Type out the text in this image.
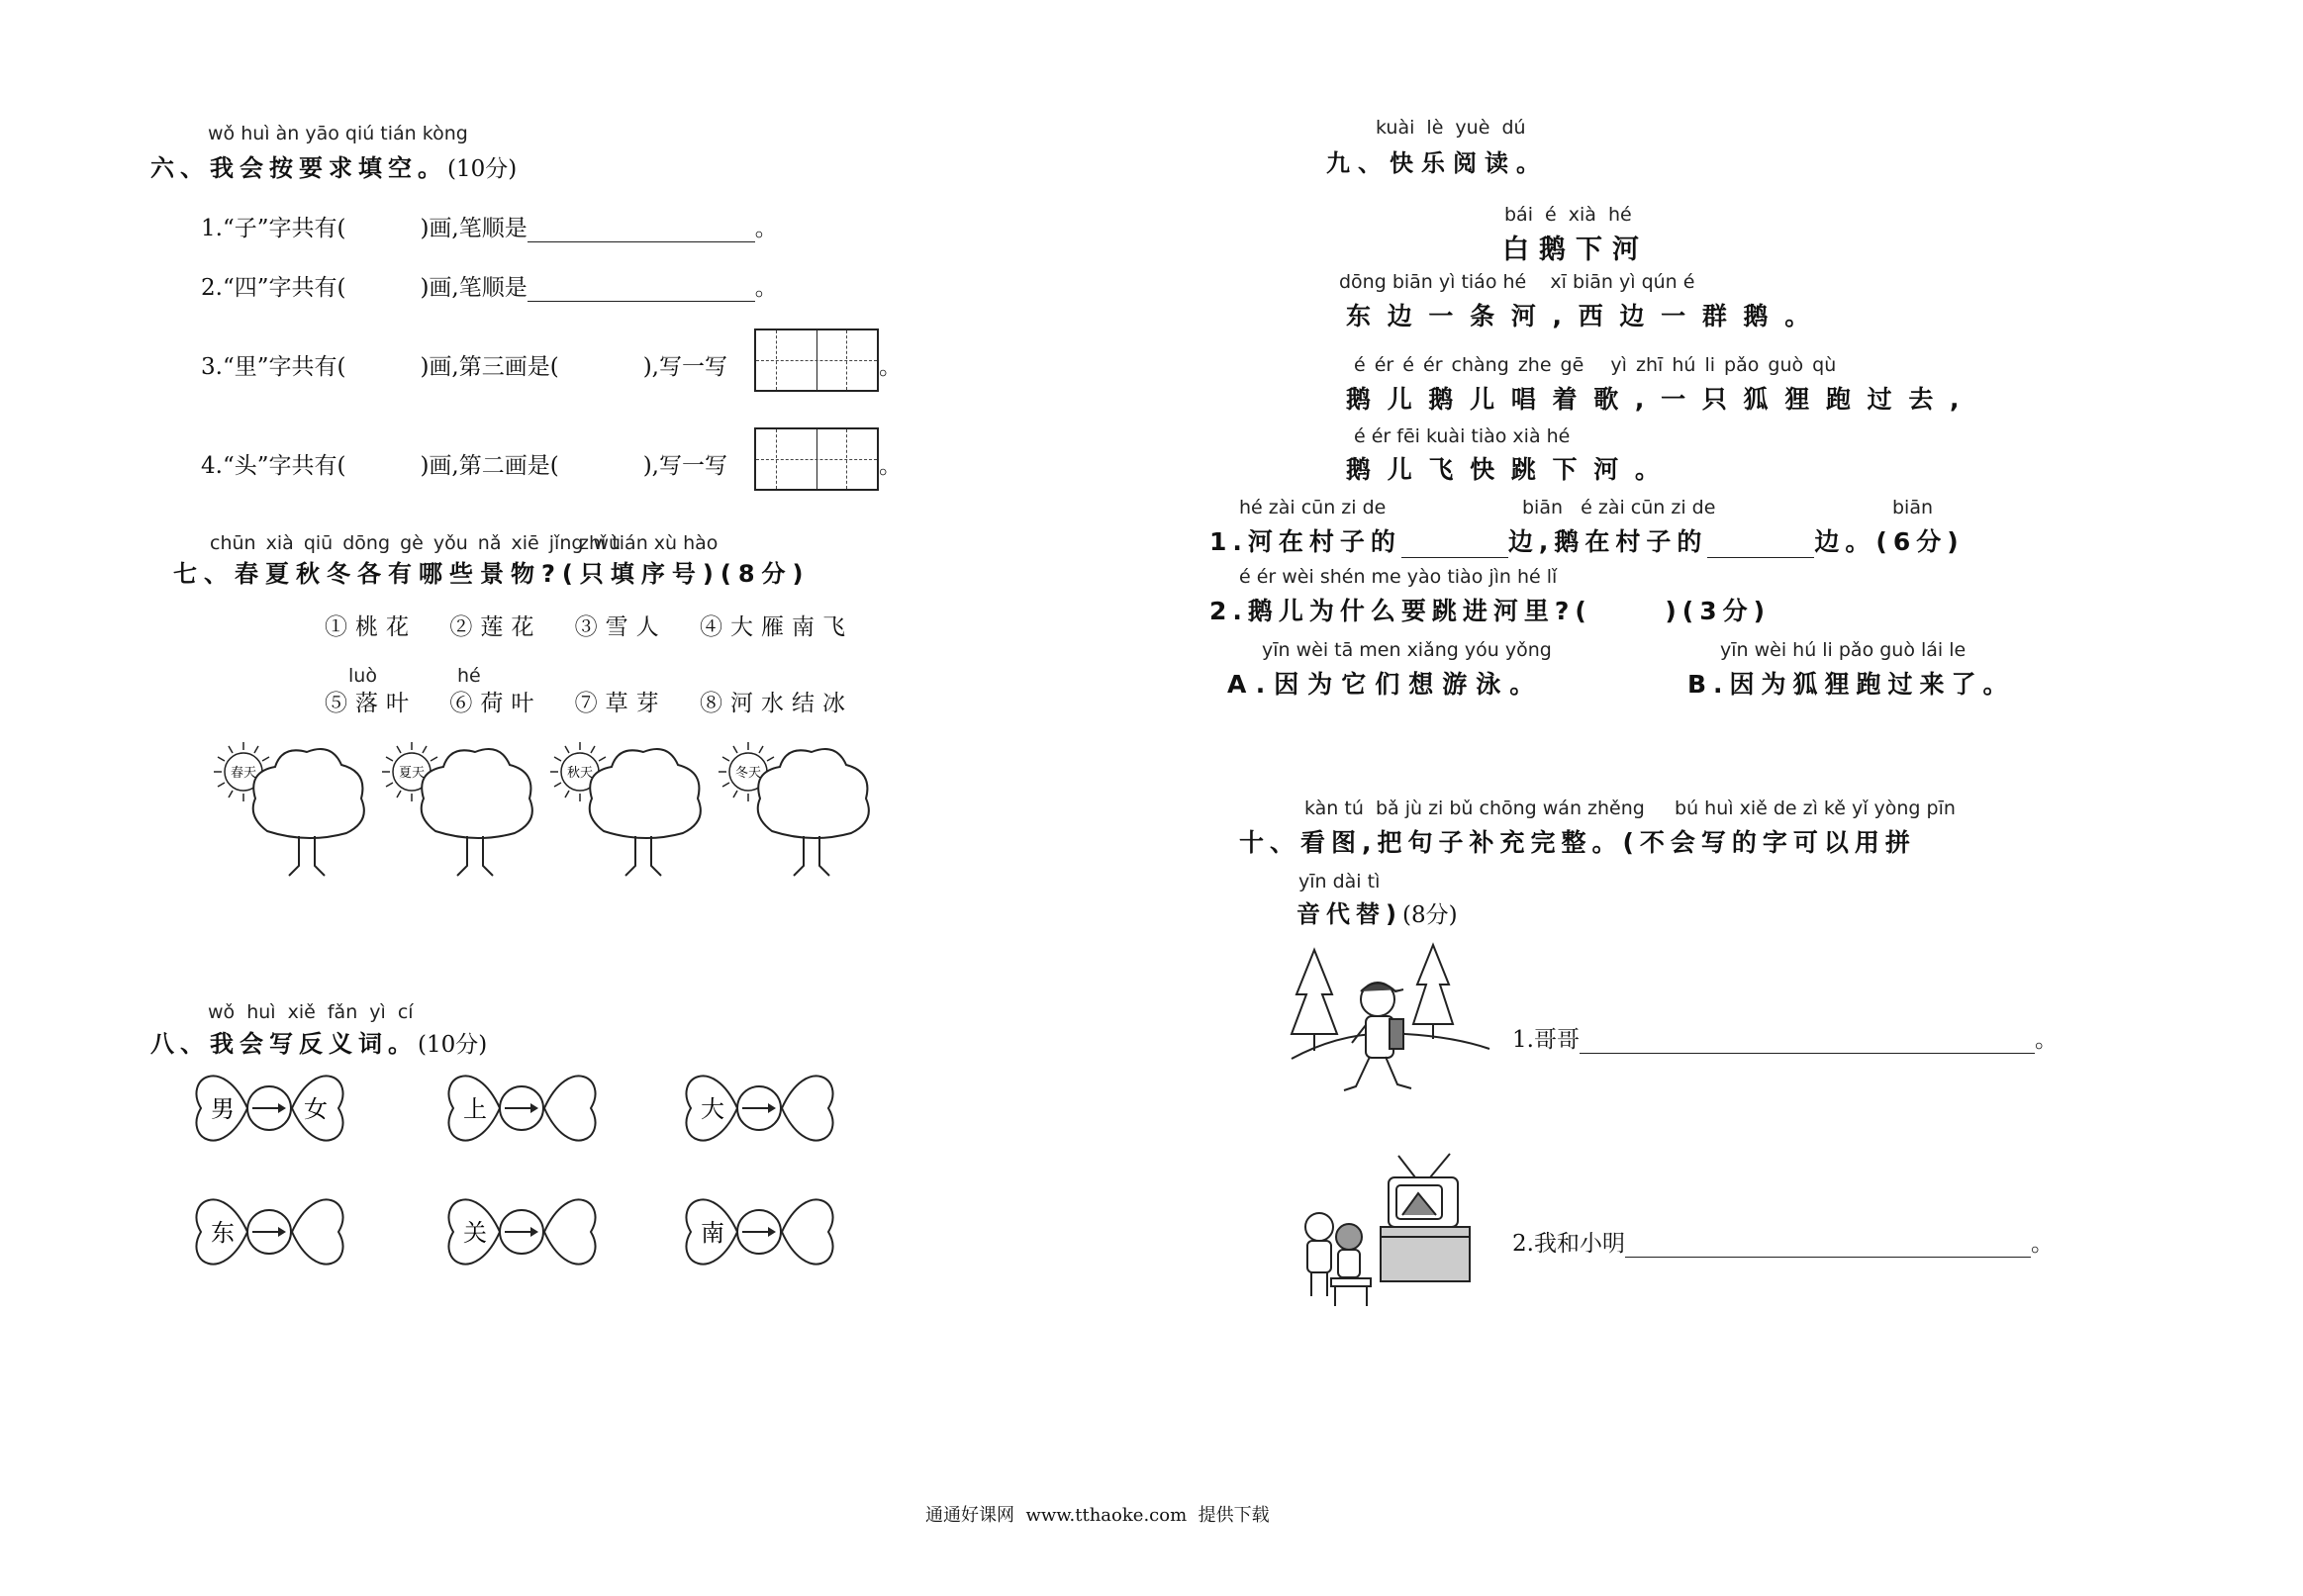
wǒ huì àn yāo qiú tián kòng
六、我会按要求填空。(10分)
1.“子”字共有(	)画,笔顺是	。
2.“四”字共有(	)画,笔顺是	。
3.“里”字共有(	)画,第三画是(	),写一写	。
4.“头”字共有(	)画,第二画是(	),写一写	。
chūn xià qiū dōng gè yǒu nǎ xiē jǐng wù
zhǐ tián xù hào
七、春夏秋冬各有哪些景物?(只填序号)(8分)
①桃花 ②莲花 ③雪人 ④大雁南飞
luò	hé
⑤落叶 ⑥荷叶 ⑦草芽 ⑧河水结冰
春天	夏天	秋天	冬天
wǒ huì xiě fǎn yì cí
八、我会写反义词。(10分)
男	女	上	大
东	关	南
kuài lè yuè dú
九、快乐阅读。
bái é xià hé
白鹅下河
dōng biān yì tiáo hé    xī biān yì qún é
东 边 一 条 河 , 西 边 一 群 鹅 。
é ér é ér chàng zhe gē   yì zhī hú li pǎo guò qù
鹅 儿 鹅 儿 唱 着 歌 , 一 只 狐 狸 跑 过 去 ,
é ér fēi kuài tiào xià hé
鹅 儿 飞 快 跳 下 河 。
hé zài cūn zi de	biān   é zài cūn zi de	biān
1.河在村子的	边,鹅在村子的	边。(6分)
é ér wèi shén me yào tiào jìn hé lǐ
2.鹅儿为什么要跳进河里?(     )(3分)
yīn wèi tā men xiǎng yóu yǒng
A.因为它们想游泳。
yīn wèi hú li pǎo guò lái le
B.因为狐狸跑过来了。
kàn tú  bǎ jù zi bǔ chōng wán zhěng     bú huì xiě de zì kě yǐ yòng pīn
十、看图,把句子补充完整。(不会写的字可以用拼
yīn dài tì
音代替)(8分)
1.哥哥	。
2.我和小明	。
通通好课网  www.tthaoke.com  提供下载
